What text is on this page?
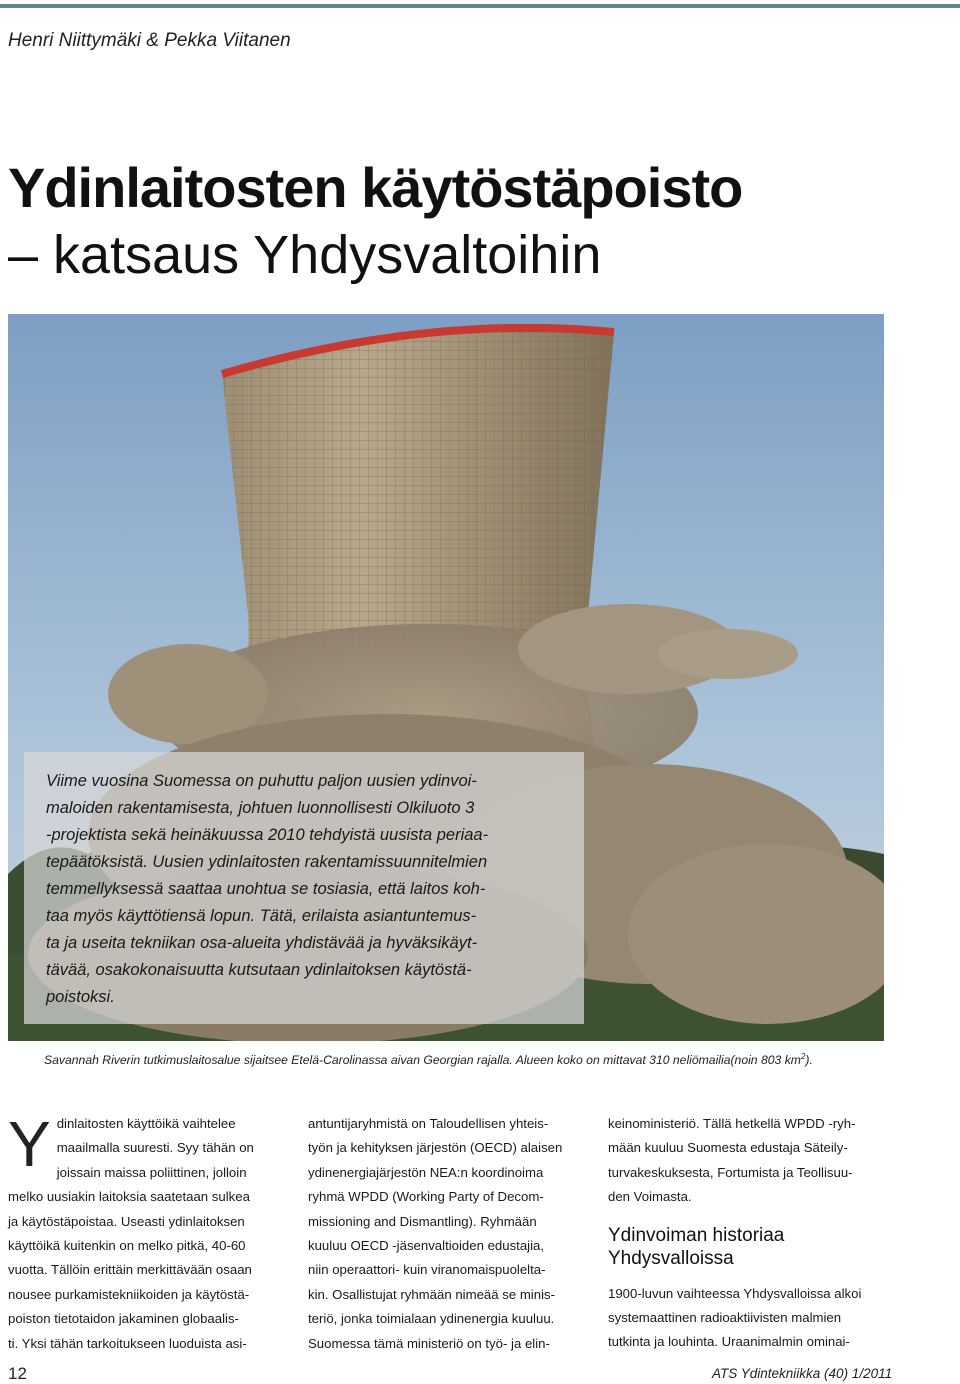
Henri Niittymäki & Pekka Viitanen
Ydinlaitosten käytöstäpoisto
– katsaus Yhdysvaltoihin

Viime vuosina Suomessa on puhuttu paljon uusien ydinvoi-

maloiden rakentamisesta, johtuen luonnollisesti Olkiluoto 3

-projektista sekä heinäkuussa 2010 tehdyistä uusista periaa-

tepäätöksistä. Uusien ydinlaitosten rakentamissuunnitelmien

temmellyksessä saattaa unohtua se tosiasia, että laitos koh-

taa myös käyttötiensä lopun. Tätä, erilaista asiantuntemus-

ta ja useita tekniikan osa-alueita yhdistävää ja hyväksikäyt-

tävää, osakokonaisuutta kutsutaan ydinlaitoksen käytöstä-

poistoksi.

Savannah Riverin tutkimuslaitosalue sijaitsee Etelä-Carolinassa aivan Georgian rajalla. Alueen koko on mittavat 310 neliömailia(noin 803 $km^2$).
Y dinlaitosten käyttöikä vaihtelee

maailmalla suuresti. Syy tähän on

joissain maissa poliittinen, jolloin

melko uusiakin laitoksia saatetaan sulkea

ja käytöstäpoistaa. Useasti ydinlaitoksen

käyttöikä kuitenkin on melko pitkä, 40-60

vuotta. Tällöin erittäin merkittävään osaan

nousee purkamistekniikoiden ja käytöstä-

poiston tietotaidon jakaminen globaalis-

ti. Yksi tähän tarkoitukseen luoduista asi-

antuntijaryhmistä on Taloudellisen yhteis-

työn ja kehityksen järjestön (OECD) alaisen

ydinenergiajärjestön NEA:n koordinoima

ryhmä WPDD (Working Party of Decom-

missioning and Dismantling). Ryhmään

kuuluu OECD -jäsenvaltioiden edustajia,

niin operaattori- kuin viranomaispuolelta-

kin. Osallistujat ryhmään nimeää se minis-

teriö, jonka toimialaan ydinenergia kuuluu.

Suomessa tämä ministeriö on työ- ja elin-

keinoministeriö. Tällä hetkellä WPDD -ryh-

mään kuuluu Suomesta edustaja Säteily-

turvakeskuksesta, Fortumista ja Teollisuu-

den Voimasta.

Ydinvoiman historiaa
Yhdysvalloissa

1900-luvun vaihteessa Yhdysvalloissa alkoi

systemaattinen radioaktiivisten malmien

tutkinta ja louhinta. Uraanimalmin ominai-

12	ATS Ydintekniikka (40) 1/2011
